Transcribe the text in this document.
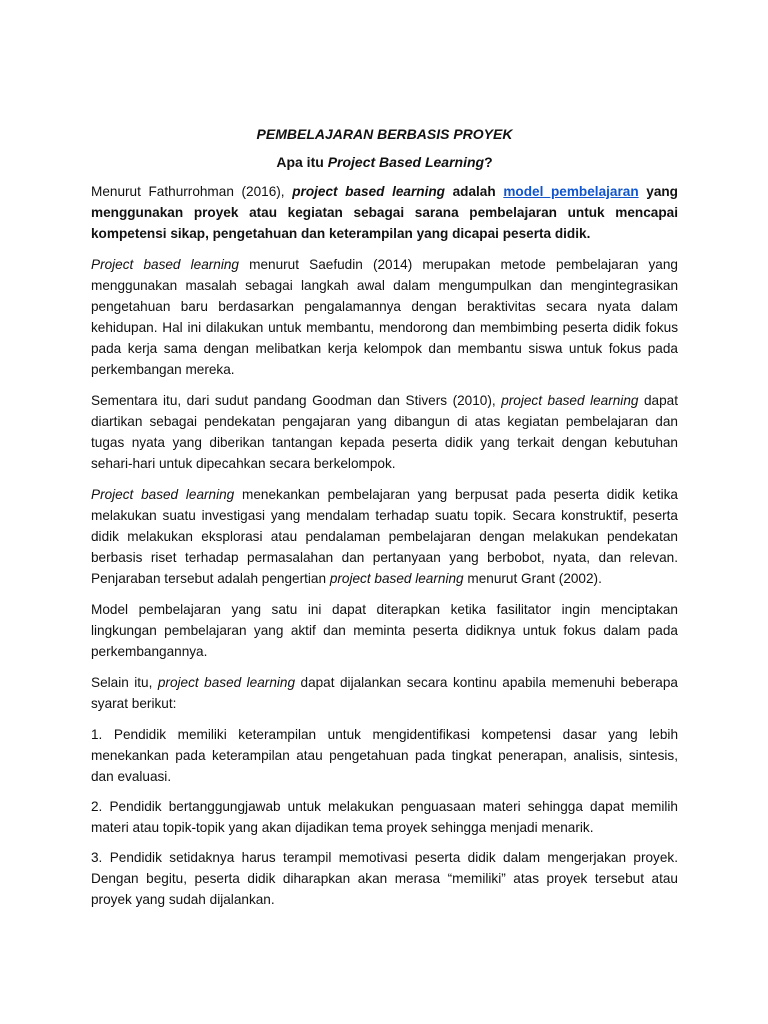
PEMBELAJARAN BERBASIS PROYEK
Apa itu Project Based Learning?

Menurut Fathurrohman (2016), project based learning adalah model pembelajaran yang menggunakan proyek atau kegiatan sebagai sarana pembelajaran untuk mencapai kompetensi sikap, pengetahuan dan keterampilan yang dicapai peserta didik.

Project based learning menurut Saefudin (2014) merupakan metode pembelajaran yang menggunakan masalah sebagai langkah awal dalam mengumpulkan dan mengintegrasikan pengetahuan baru berdasarkan pengalamannya dengan beraktivitas secara nyata dalam kehidupan. Hal ini dilakukan untuk membantu, mendorong dan membimbing peserta didik fokus pada kerja sama dengan melibatkan kerja kelompok dan membantu siswa untuk fokus pada perkembangan mereka.

Sementara itu, dari sudut pandang Goodman dan Stivers (2010), project based learning dapat diartikan sebagai pendekatan pengajaran yang dibangun di atas kegiatan pembelajaran dan tugas nyata yang diberikan tantangan kepada peserta didik yang terkait dengan kebutuhan sehari-hari untuk dipecahkan secara berkelompok.

Project based learning menekankan pembelajaran yang berpusat pada peserta didik ketika melakukan suatu investigasi yang mendalam terhadap suatu topik. Secara konstruktif, peserta didik melakukan eksplorasi atau pendalaman pembelajaran dengan melakukan pendekatan berbasis riset terhadap permasalahan dan pertanyaan yang berbobot, nyata, dan relevan. Penjaraban tersebut adalah pengertian project based learning menurut Grant (2002).

Model pembelajaran yang satu ini dapat diterapkan ketika fasilitator ingin menciptakan lingkungan pembelajaran yang aktif dan meminta peserta didiknya untuk fokus dalam pada perkembangannya.

Selain itu, project based learning dapat dijalankan secara kontinu apabila memenuhi beberapa syarat berikut:

1. Pendidik memiliki keterampilan untuk mengidentifikasi kompetensi dasar yang lebih menekankan pada keterampilan atau pengetahuan pada tingkat penerapan, analisis, sintesis, dan evaluasi.

2. Pendidik bertanggungjawab untuk melakukan penguasaan materi sehingga dapat memilih materi atau topik-topik yang akan dijadikan tema proyek sehingga menjadi menarik.

3. Pendidik setidaknya harus terampil memotivasi peserta didik dalam mengerjakan proyek. Dengan begitu, peserta didik diharapkan akan merasa “memiliki” atas proyek tersebut atau proyek yang sudah dijalankan.
